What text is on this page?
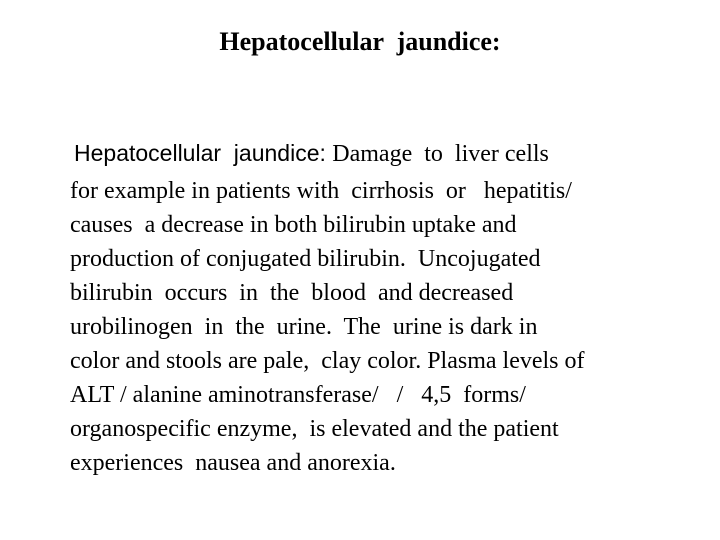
Hepatocellular  jaundice:
Hepatocellular  jaundice: Damage  to  liver cells
for example in patients with  cirrhosis  or   hepatitis/
causes  a decrease in both bilirubin uptake and
production of conjugated bilirubin.  Uncojugated
bilirubin  occurs  in  the  blood  and decreased
urobilinogen  in  the  urine.  The  urine is dark in
color and stools are pale,  clay color. Plasma levels of
ALT / alanine aminotransferase/   /   4,5  forms/
organospecific enzyme,  is elevated and the patient
experiences  nausea and anorexia.
